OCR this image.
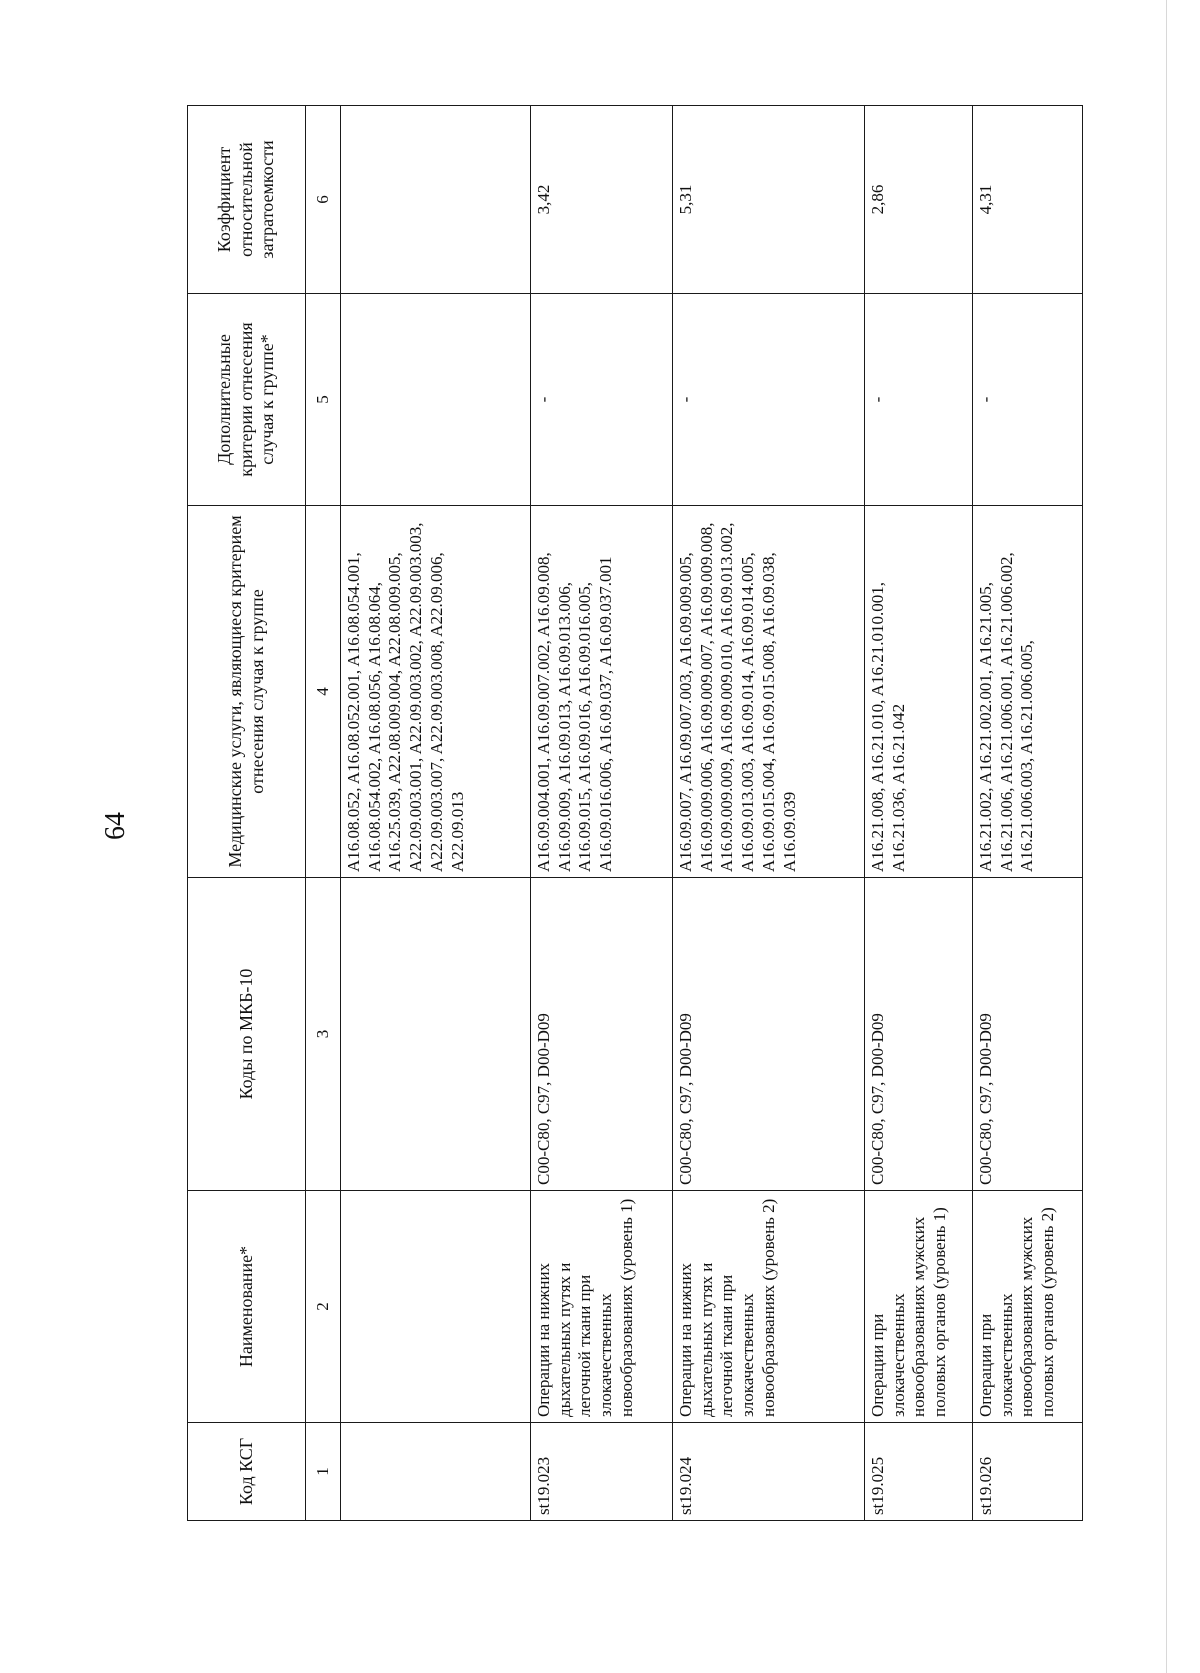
64
Код КСГ	Наименование*	Коды по МКБ-10	Медицинские услуги, являющиеся критерием отнесения случая к группе	Дополнительные критерии отнесения случая к группе*	Коэффициент относительной затратоемкости
1	2	3	4	5	6
			A16.08.052, A16.08.052.001, A16.08.054.001, A16.08.054.002, A16.08.056, A16.08.064, A16.25.039, A22.08.009.004, A22.08.009.005, A22.09.003.001, A22.09.003.002, A22.09.003.003, A22.09.003.007, A22.09.003.008, A22.09.006, A22.09.013		
st19.023	Операции на нижних дыхательных путях и легочной ткани при злокачественных новообразованиях (уровень 1)	C00-C80, C97, D00-D09	A16.09.004.001, A16.09.007.002, A16.09.008, A16.09.009, A16.09.013, A16.09.013.006, A16.09.015, A16.09.016, A16.09.016.005, A16.09.016.006, A16.09.037, A16.09.037.001	-	3,42
st19.024	Операции на нижних дыхательных путях и легочной ткани при злокачественных новообразованиях (уровень 2)	C00-C80, C97, D00-D09	A16.09.007, A16.09.007.003, A16.09.009.005, A16.09.009.006, A16.09.009.007, A16.09.009.008, A16.09.009.009, A16.09.009.010, A16.09.013.002, A16.09.013.003, A16.09.014, A16.09.014.005, A16.09.015.004, A16.09.015.008, A16.09.038, A16.09.039	-	5,31
st19.025	Операции при злокачественных новообразованиях мужских половых органов (уровень 1)	C00-C80, C97, D00-D09	A16.21.008, A16.21.010, A16.21.010.001, A16.21.036, A16.21.042	-	2,86
st19.026	Операции при злокачественных новообразованиях мужских половых органов (уровень 2)	C00-C80, C97, D00-D09	A16.21.002, A16.21.002.001, A16.21.005, A16.21.006, A16.21.006.001, A16.21.006.002, A16.21.006.003, A16.21.006.005,	-	4,31
